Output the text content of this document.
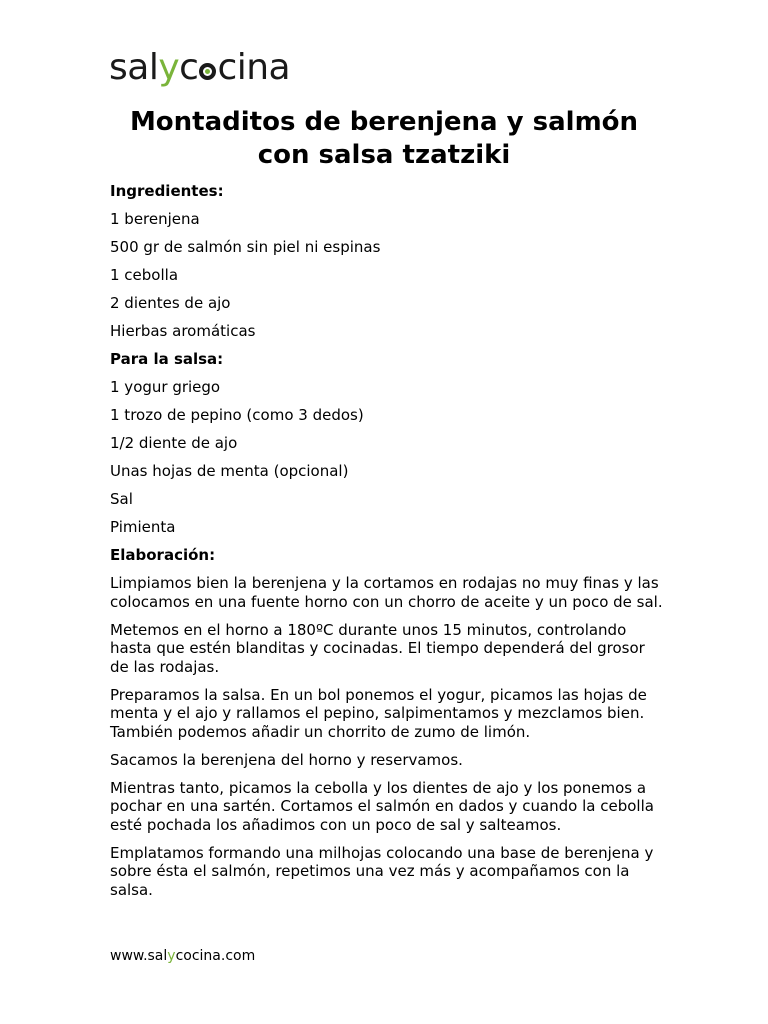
salyc cina
Montaditos de berenjena y salmón con salsa tzatziki

Ingredientes:

1 berenjena

500 gr de salmón sin piel ni espinas

1 cebolla

2 dientes de ajo

Hierbas aromáticas

Para la salsa:

1 yogur griego

1 trozo de pepino (como 3 dedos)

1/2 diente de ajo

Unas hojas de menta (opcional)

Sal

Pimienta

Elaboración:

Limpiamos bien la berenjena y la cortamos en rodajas no muy finas y las colocamos en una fuente horno con un chorro de aceite y un poco de sal.

Metemos en el horno a 180ºC durante unos 15 minutos, controlando hasta que estén blanditas y cocinadas. El tiempo dependerá del grosor de las rodajas.

Preparamos la salsa. En un bol ponemos el yogur, picamos las hojas de menta y el ajo y rallamos el pepino, salpimentamos y mezclamos bien. También podemos añadir un chorrito de zumo de limón.

Sacamos la berenjena del horno y reservamos.

Mientras tanto, picamos la cebolla y los dientes de ajo y los ponemos a pochar en una sartén. Cortamos el salmón en dados y cuando la cebolla esté pochada los añadimos con un poco de sal y salteamos.

Emplatamos formando una milhojas colocando una base de berenjena y sobre ésta el salmón, repetimos una vez más y acompañamos con la salsa.

www.salycocina.com
